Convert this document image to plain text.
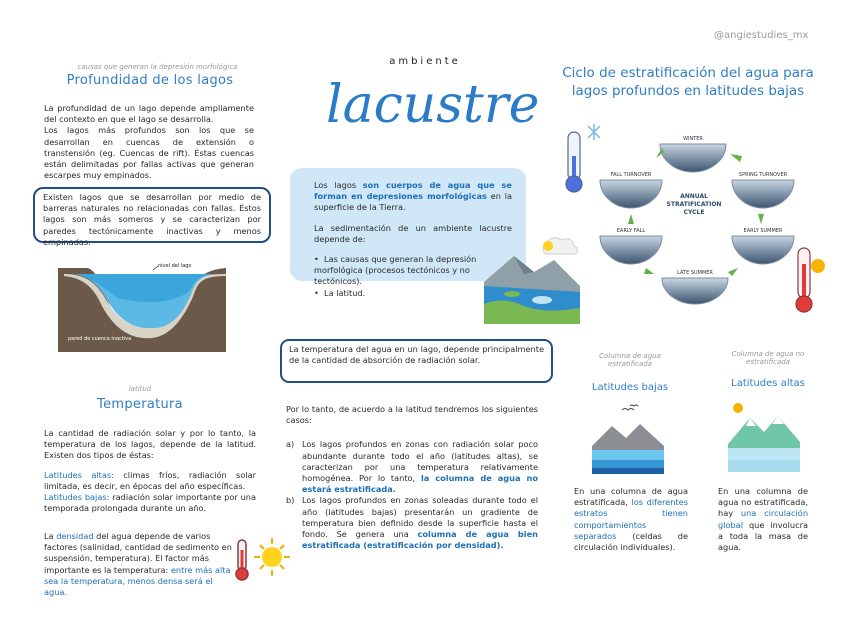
@angiestudies_mx
causas que generan la depresión morfológica
Profundidad de los lagos

La profundidad de un lago depende ampliamente del contexto en que el lago se desarrolla.

Los lagos más profundos son los que se desarrollan en cuencas de extensión o transtensión (eg. Cuencas de rift). Éstas cuencas están delimitadas por fallas activas que generan escarpes muy empinados.

Existen lagos que se desarrollan por medio de barreras naturales no relacionadas con fallas. Éstos lagos son más someros y se caracterizan por paredes tectónicamente inactivas y menos empinadas.

nivel del lago
pared de cuenca inactiva
latitud
Temperatura

La cantidad de radiación solar y por lo tanto, la temperatura de los lagos, depende de la latitud. Existen dos tipos de éstas:

Latitudes altas: climas fríos, radiación solar limitada, es decir, en épocas del año específicas.

Latitudes bajas: radiación solar importante por una temporada prolongada durante un año.

La densidad del agua depende de varios factores (salinidad, cantidad de sedimento en suspensión, temperatura). El factor más importante es la temperatura: entre más alta sea la temperatura, menos densa será el agua.
ambiente
lacustre

Los lagos son cuerpos de agua que se forman en depresiones morfológicas en la superficie de la Tierra.

La sedimentación de un ambiente lacustre depende de:

•  Las causas que generan la depresión morfológica (procesos tectónicos y no tectónicos).

•  La latitud.

La temperatura del agua en un lago, depende principalmente de la cantidad de absorción de radiación solar.

Por lo tanto, de acuerdo a la latitud tendremos los siguientes casos:

a) Los lagos profundos en zonas con radiación solar poco abundante durante todo el año (latitudes altas), se caracterizan por una temperatura relativamente homogénea. Por lo tanto, la columna de agua no estará estratificada.

b) Los lagos profundos en zonas soleadas durante todo el año (latitudes bajas) presentarán un gradiente de temperatura bien definido desde la superficie hasta el fondo. Se genera una columna de agua bien estratificada (estratificación por densidad).

Ciclo de estratificación del agua para lagos profundos en latitudes bajas
WINTER
SPRING TURNOVER
EARLY SUMMER
LATE SUMMER
EARLY FALL
FALL TURNOVER
ANNUAL
STRATIFICATION
CYCLE
Columna de agua estratificada
Latitudes bajas
En una columna de agua estratificada, los diferentes estratos tienen comportamientos separados (celdas de circulación individuales).
Columna de agua no estratificada
Latitudes altas
En una columna de agua no estratificada, hay una circulación global que involucra a toda la masa de agua.
